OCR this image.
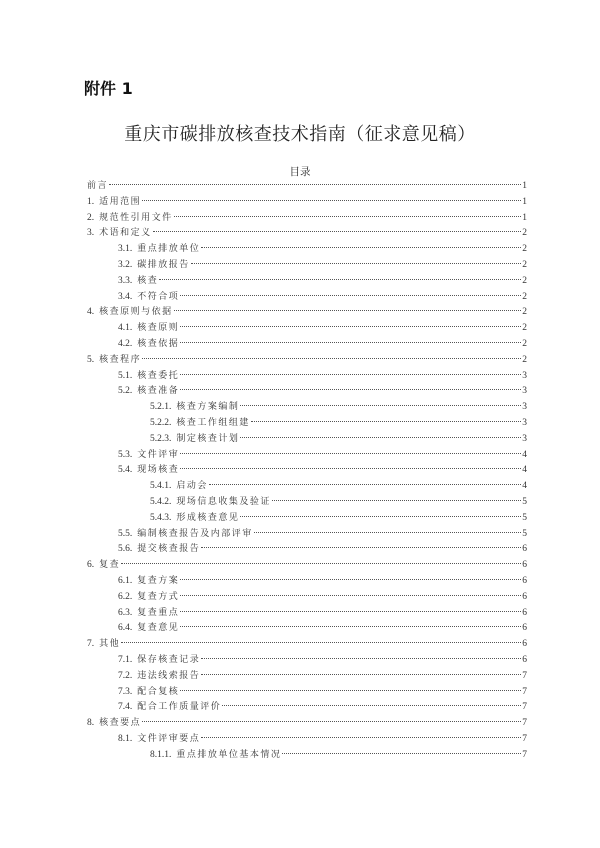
附件 1
重庆市碳排放核查技术指南（征求意见稿）
目录
前言	1
1. 适用范围	1
2. 规范性引用文件	1
3. 术语和定义	2
3.1. 重点排放单位	2
3.2. 碳排放报告	2
3.3. 核查	2
3.4. 不符合项	2
4. 核查原则与依据	2
4.1. 核查原则	2
4.2. 核查依据	2
5. 核查程序	2
5.1. 核查委托	3
5.2. 核查准备	3
5.2.1. 核查方案编制	3
5.2.2. 核查工作组组建	3
5.2.3. 制定核查计划	3
5.3. 文件评审	4
5.4. 现场核查	4
5.4.1. 启动会	4
5.4.2. 现场信息收集及验证	5
5.4.3. 形成核查意见	5
5.5. 编制核查报告及内部评审	5
5.6. 提交核查报告	6
6. 复查	6
6.1. 复查方案	6
6.2. 复查方式	6
6.3. 复查重点	6
6.4. 复查意见	6
7. 其他	6
7.1. 保存核查记录	6
7.2. 违法线索报告	7
7.3. 配合复核	7
7.4. 配合工作质量评价	7
8. 核查要点	7
8.1. 文件评审要点	7
8.1.1. 重点排放单位基本情况	7
